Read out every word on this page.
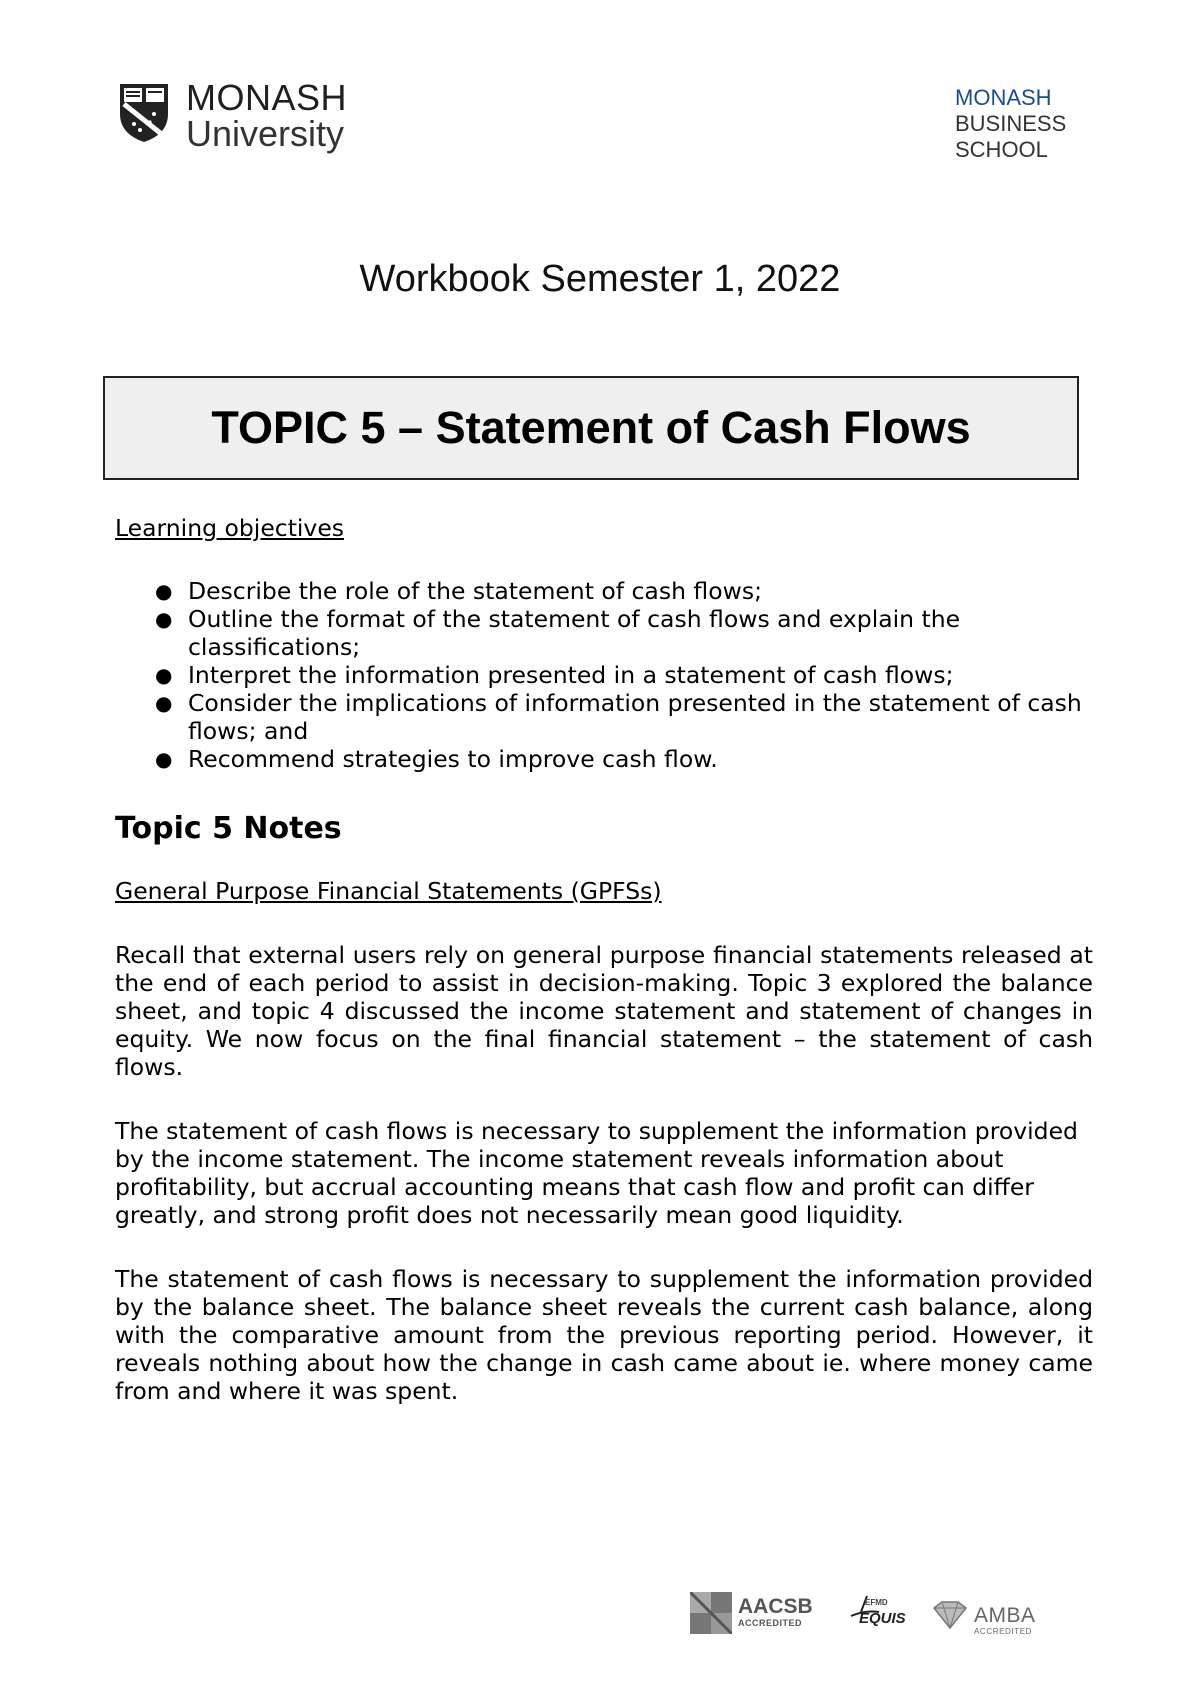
MONASH
University
MONASH
BUSINESS
SCHOOL
Workbook Semester 1, 2022
TOPIC 5 – Statement of Cash Flows
Learning objectives
● Describe the role of the statement of cash flows;
● Outline the format of the statement of cash flows and explain the classifications;
● Interpret the information presented in a statement of cash flows;
● Consider the implications of information presented in the statement of cash flows; and
● Recommend strategies to improve cash flow.
Topic 5 Notes
General Purpose Financial Statements (GPFSs)

Recall that external users rely on general purpose financial statements released at the end of each period to assist in decision-making. Topic 3 explored the balance sheet, and topic 4 discussed the income statement and statement of changes in equity. We now focus on the final financial statement – the statement of cash flows.

The statement of cash flows is necessary to supplement the information provided by the income statement. The income statement reveals information about profitability, but accrual accounting means that cash flow and profit can differ greatly, and strong profit does not necessarily mean good liquidity.

The statement of cash flows is necessary to supplement the information provided by the balance sheet. The balance sheet reveals the current cash balance, along with the comparative amount from the previous reporting period. However, it reveals nothing about how the change in cash came about ie. where money came from and where it was spent.

AACSB
ACCREDITED
EFMD
EQUIS	AMBA
ACCREDITED
